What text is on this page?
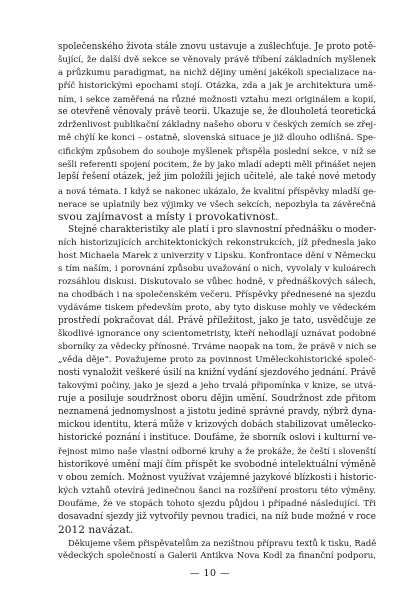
společenského života stále znovu ustavuje a zušlechťuje. Je proto potě-
šující, že další dvě sekce se věnovaly právě tříbení základních myšlenek
a průzkumu paradigmat, na nichž dějiny umění jakékoli specializace na-
příč historickými epochami stojí. Otázka, zda a jak je architektura umě-
ním, i sekce zaměřená na různé možnosti vztahu mezi originálem a kopií,
se otevřeně věnovaly právě teorii. Ukazuje se, že dlouholetá teoretická
zdrženlivost publikační základny našeho oboru v českých zemích se zřej-
mě chýlí ke konci – ostatně, slovenská situace je již dlouho odlišná. Spe-
cifickým způsobem do souboje myšlenek přispěla poslední sekce, v níž se
sešli referenti spojení pocitem, že by jako mladí adepti měli přinášet nejen
lepší řešení otázek, jež jim položili jejich učitelé, ale také nové metody
a nová témata. I když se nakonec ukázalo, že kvalitní příspěvky mladší ge-
nerace se uplatnily bez výjimky ve všech sekcích, nepozbyla ta závěrečná
svou zajímavost a místy i provokativnost.
Stejné charakteristiky ale platí i pro slavnostní přednášku o moder-
ních historizujících architektonických rekonstrukcích, jíž přednesla jako
host Michaela Marek z univerzity v Lipsku. Konfrontace dění v Německu
s tím naším, i porovnání způsobu uvažování o nich, vyvolaly v kuloárech
rozsáhlou diskusi. Diskutovalo se vůbec hodně, v přednáškových sálech,
na chodbách i na společenském večeru. Příspěvky přednesené na sjezdu
vydáváme tiskem především proto, aby tyto diskuse mohly ve vědeckém
prostředí pokračovat dál. Právě příležitost, jako je tato, usvědčuje ze
škodlivé ignorance ony scientometristy, kteří nehodlají uznávat podobné
sborníky za vědecky přínosné. Trváme naopak na tom, že právě v nich se
„věda děje“. Považujeme proto za povinnost Uměleckohistorické společ-
nosti vynaložit veškeré úsilí na knižní vydání sjezdového jednání. Právě
takovými počiny, jako je sjezd a jeho trvalá připomínka v knize, se utvá-
ruje a posiluje soudržnost oboru dějin umění. Soudržnost zde přitom
neznamená jednomyslnost a jistotu jediné správné pravdy, nýbrž dyna-
mickou identitu, která může v krizových dobách stabilizovat umělecko-
historické poznání i instituce. Doufáme, že sborník oslovi i kulturní ve-
řejnost mimo naše vlastní odborné kruhy a že prokáže, že čeští i slovenští
historikové umění mají čím přispět ke svobodné intelektuální výměně
v obou zemích. Možnost využívat vzájemné jazykové blízkosti i historic-
kých vztahů otevírá jedinečnou šanci na rozšíření prostoru této výměny.
Doufáme, že ve stopách tohoto sjezdu půjdou i případné následující. Tři
dosavadní sjezdy již vytvořily pevnou tradici, na níž bude možné v roce
2012 navázat.
Děkujeme všem přispěvatelům za nezištnou přípravu textů k tisku, Radě
vědeckých společností a Galerii Antikva Nova Kodl za finanční podporu,
— 10 —
